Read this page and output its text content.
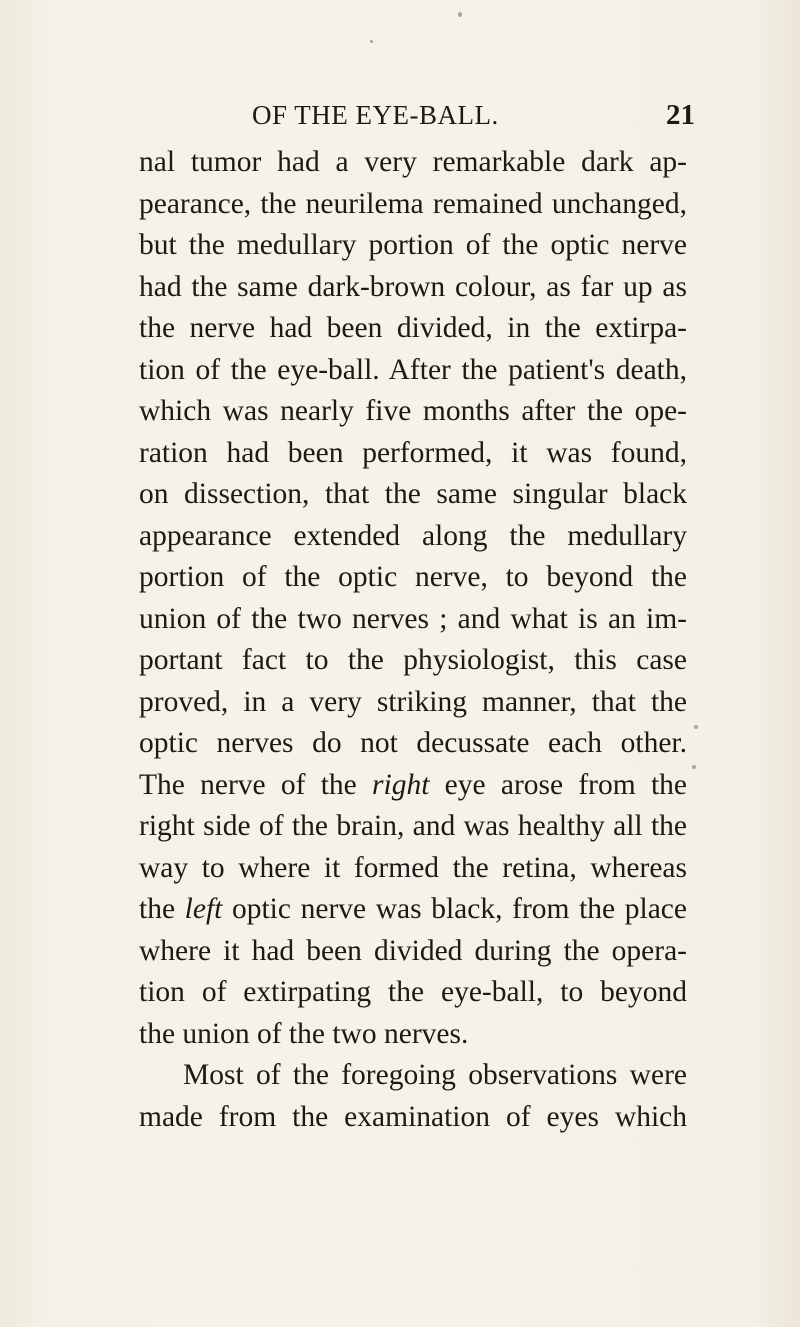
OF THE EYE-BALL.	21
nal tumor had a very remarkable dark ap-
pearance, the neurilema remained unchanged,
but the medullary portion of the optic nerve
had the same dark-brown colour, as far up as
the nerve had been divided, in the extirpa-
tion of the eye-ball. After the patient's death,
which was nearly five months after the ope-
ration had been performed, it was found,
on dissection, that the same singular black
appearance extended along the medullary
portion of the optic nerve, to beyond the
union of the two nerves ; and what is an im-
portant fact to the physiologist, this case
proved, in a very striking manner, that the
optic nerves do not decussate each other.
The nerve of the right eye arose from the
right side of the brain, and was healthy all the
way to where it formed the retina, whereas
the left optic nerve was black, from the place
where it had been divided during the opera-
tion of extirpating the eye-ball, to beyond
the union of the two nerves.
Most of the foregoing observations were
made from the examination of eyes which
